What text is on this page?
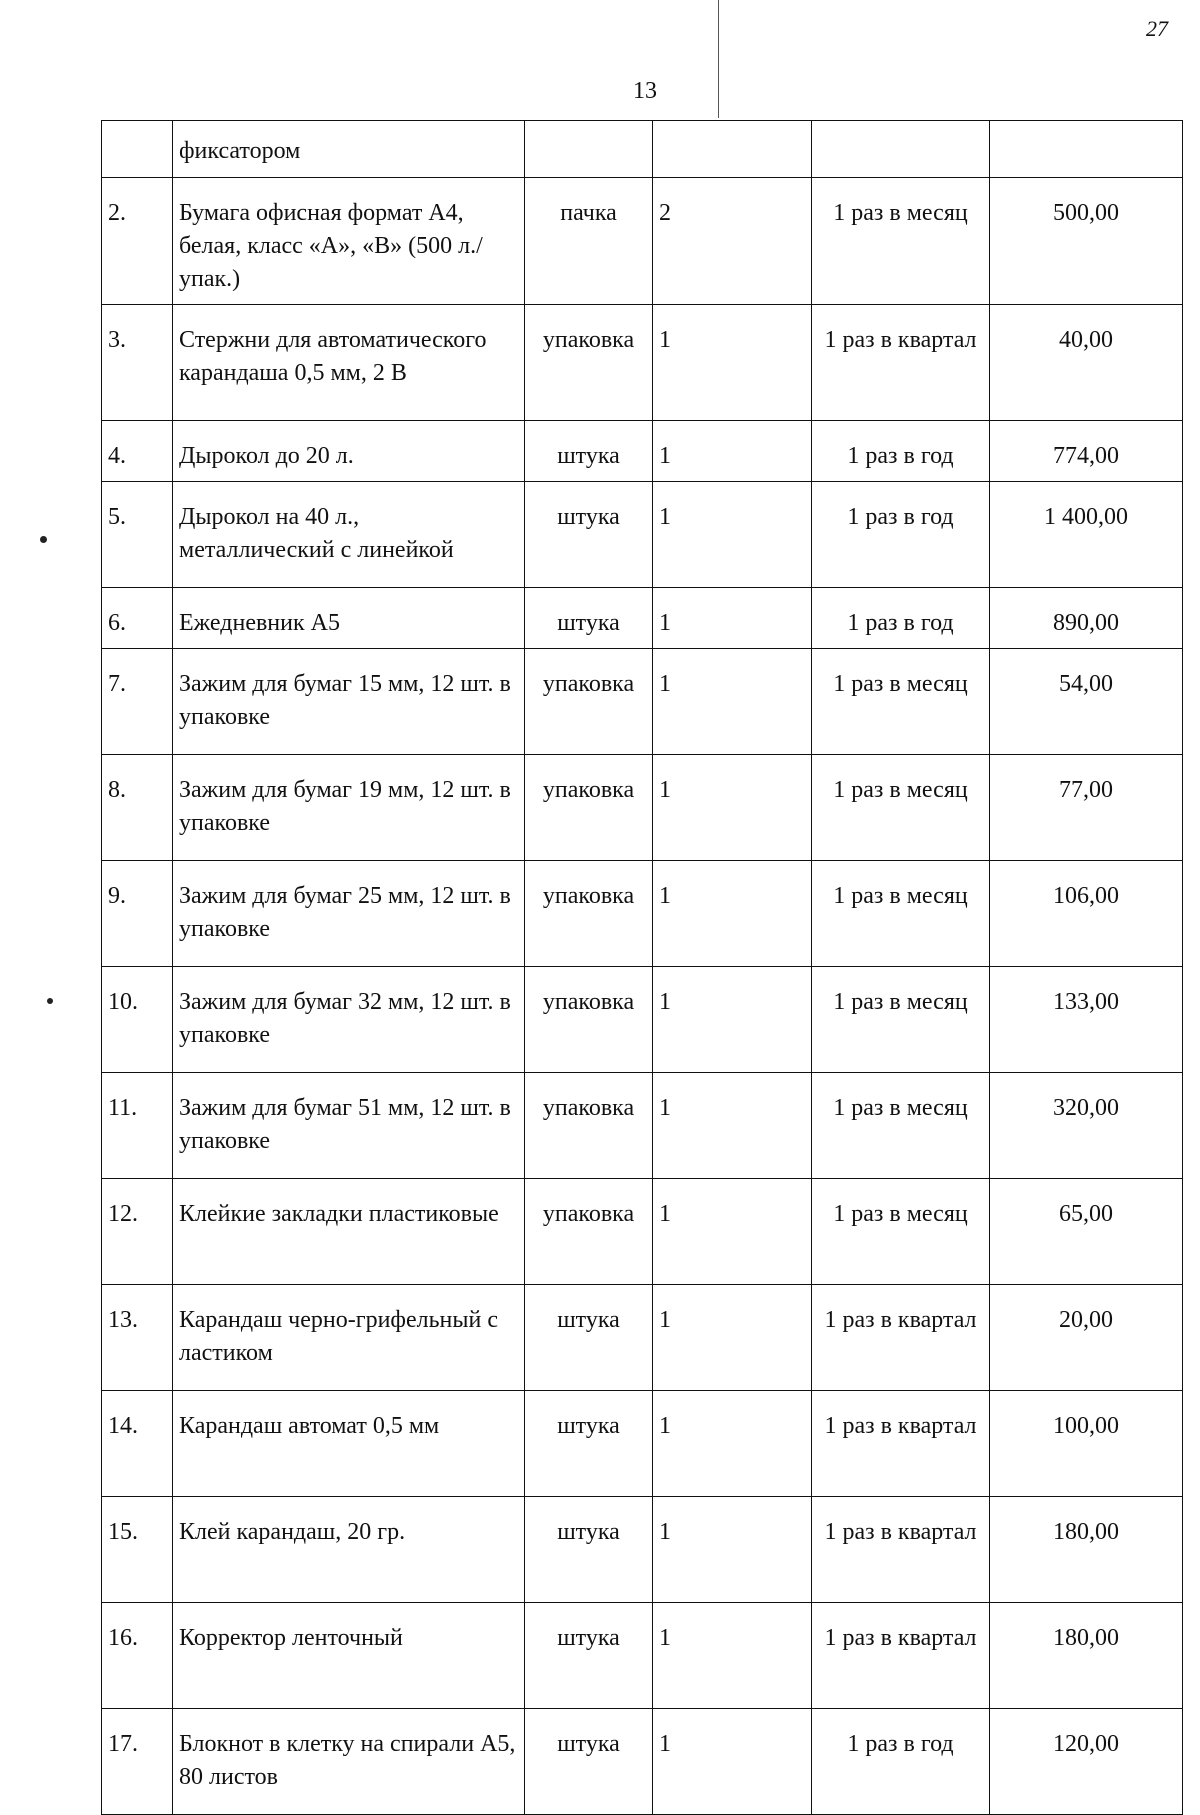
13
27
	фиксатором				
2.	Бумага офисная формат А4, белая, класс «А», «В» (500 л./упак.)	пачка	2	1 раз в месяц	500,00
3.	Стержни для автоматического карандаша 0,5 мм, 2 В	упаковка	1	1 раз в квартал	40,00
4.	Дырокол до 20 л.	штука	1	1 раз в год	774,00
5.	Дырокол на 40 л., металлический с линейкой	штука	1	1 раз в год	1 400,00
6.	Ежедневник А5	штука	1	1 раз в год	890,00
7.	Зажим для бумаг 15 мм, 12 шт. в упаковке	упаковка	1	1 раз в месяц	54,00
8.	Зажим для бумаг 19 мм, 12 шт. в упаковке	упаковка	1	1 раз в месяц	77,00
9.	Зажим для бумаг 25 мм, 12 шт. в упаковке	упаковка	1	1 раз в месяц	106,00
10.	Зажим для бумаг 32 мм, 12 шт. в упаковке	упаковка	1	1 раз в месяц	133,00
11.	Зажим для бумаг 51 мм, 12 шт. в упаковке	упаковка	1	1 раз в месяц	320,00
12.	Клейкие закладки пластиковые	упаковка	1	1 раз в месяц	65,00
13.	Карандаш черно-грифельный с ластиком	штука	1	1 раз в квартал	20,00
14.	Карандаш автомат 0,5 мм	штука	1	1 раз в квартал	100,00
15.	Клей карандаш, 20 гр.	штука	1	1 раз в квартал	180,00
16.	Корректор ленточный	штука	1	1 раз в квартал	180,00
17.	Блокнот в клетку на спирали А5, 80 листов	штука	1	1 раз в год	120,00
